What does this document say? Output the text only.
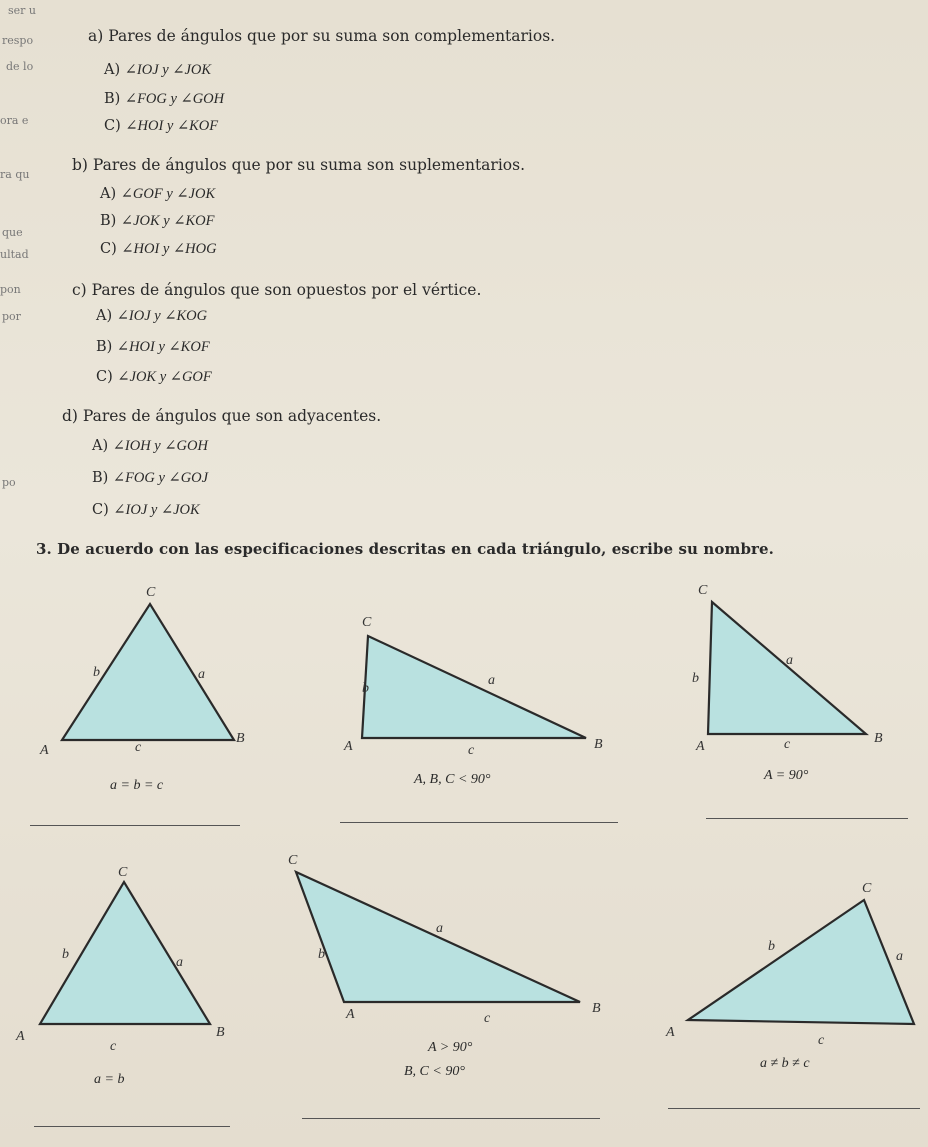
ser u
respo
de lo
ora e
ra qu
que
ultad
pon
por
po
a) Pares de ángulos que por su suma son complementarios.
A) ∠IOJ y ∠JOK
B) ∠FOG y ∠GOH
C) ∠HOI y ∠KOF
b) Pares de ángulos que por su suma son suplementarios.
A) ∠GOF y ∠JOK
B) ∠JOK y ∠KOF
C) ∠HOI y ∠HOG
c) Pares de ángulos que son opuestos por el vértice.
A) ∠IOJ y ∠KOG
B) ∠HOI y ∠KOF
C) ∠JOK y ∠GOF
d) Pares de ángulos que son adyacentes.
A) ∠IOH y ∠GOH
B) ∠FOG y ∠GOJ
C) ∠IOJ y ∠JOK
3. De acuerdo con las especificaciones descritas en cada triángulo, escribe su nombre.
C
A
B
b	a
c
C
A	B
b
a
c
C
A
B
b
a
c
C
A	B
b
a
c
C
A	B
b
a
c
C
A
b
a
c
a = b = c	A, B, C < 90°	A = 90°
a = b
A > 90°
B, C < 90°
a ≠ b ≠ c
